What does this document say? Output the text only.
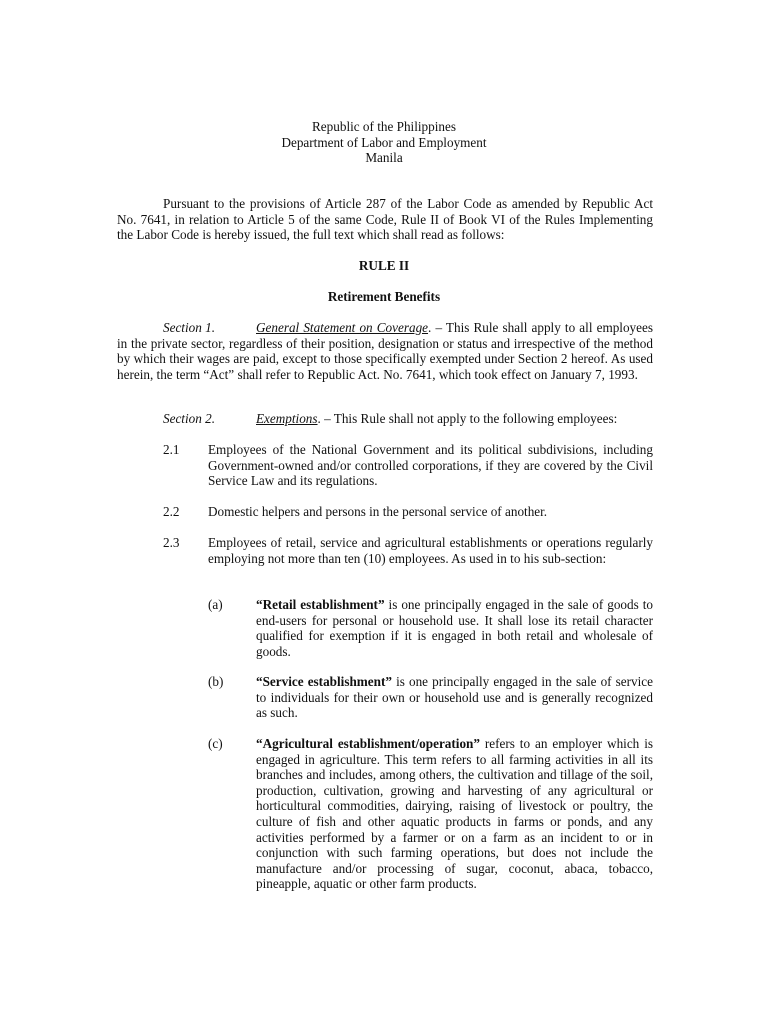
Republic of the Philippines
Department of Labor and Employment
Manila

Pursuant to the provisions of Article 287 of the Labor Code as amended by Republic Act No. 7641, in relation to Article 5 of the same Code, Rule II of Book VI of the Rules Implementing the Labor Code is hereby issued, the full text which shall read as follows:

RULE II
Retirement Benefits

Section 1.	General Statement on Coverage. – This Rule shall apply to all employees in the private sector, regardless of their position, designation or status and irrespective of the method by which their wages are paid, except to those specifically exempted under Section 2 hereof. As used herein, the term “Act” shall refer to Republic Act. No. 7641, which took effect on January 7, 1993.

Section 2.	Exemptions. – This Rule shall not apply to the following employees:

2.1 Employees of the National Government and its political subdivisions, including Government-owned and/or controlled corporations, if they are covered by the Civil Service Law and its regulations.
2.2 Domestic helpers and persons in the personal service of another.
2.3 Employees of retail, service and agricultural establishments or operations regularly employing not more than ten (10) employees. As used in to his sub-section:
(a)	“Retail establishment” is one principally engaged in the sale of goods to end-users for personal or household use. It shall lose its retail character qualified for exemption if it is engaged in both retail and wholesale of goods.
(b) “Service establishment” is one principally engaged in the sale of service to individuals for their own or household use and is generally recognized as such.
(c)	“Agricultural establishment/operation” refers to an employer which is engaged in agriculture. This term refers to all farming activities in all its branches and includes, among others, the cultivation and tillage of the soil, production, cultivation, growing and harvesting of any agricultural or horticultural commodities, dairying, raising of livestock or poultry, the culture of fish and other aquatic products in farms or ponds, and any activities performed by a farmer or on a farm as an incident to or in conjunction with such farming operations, but does not include the manufacture and/or processing of sugar, coconut, abaca, tobacco, pineapple, aquatic or other farm products.
